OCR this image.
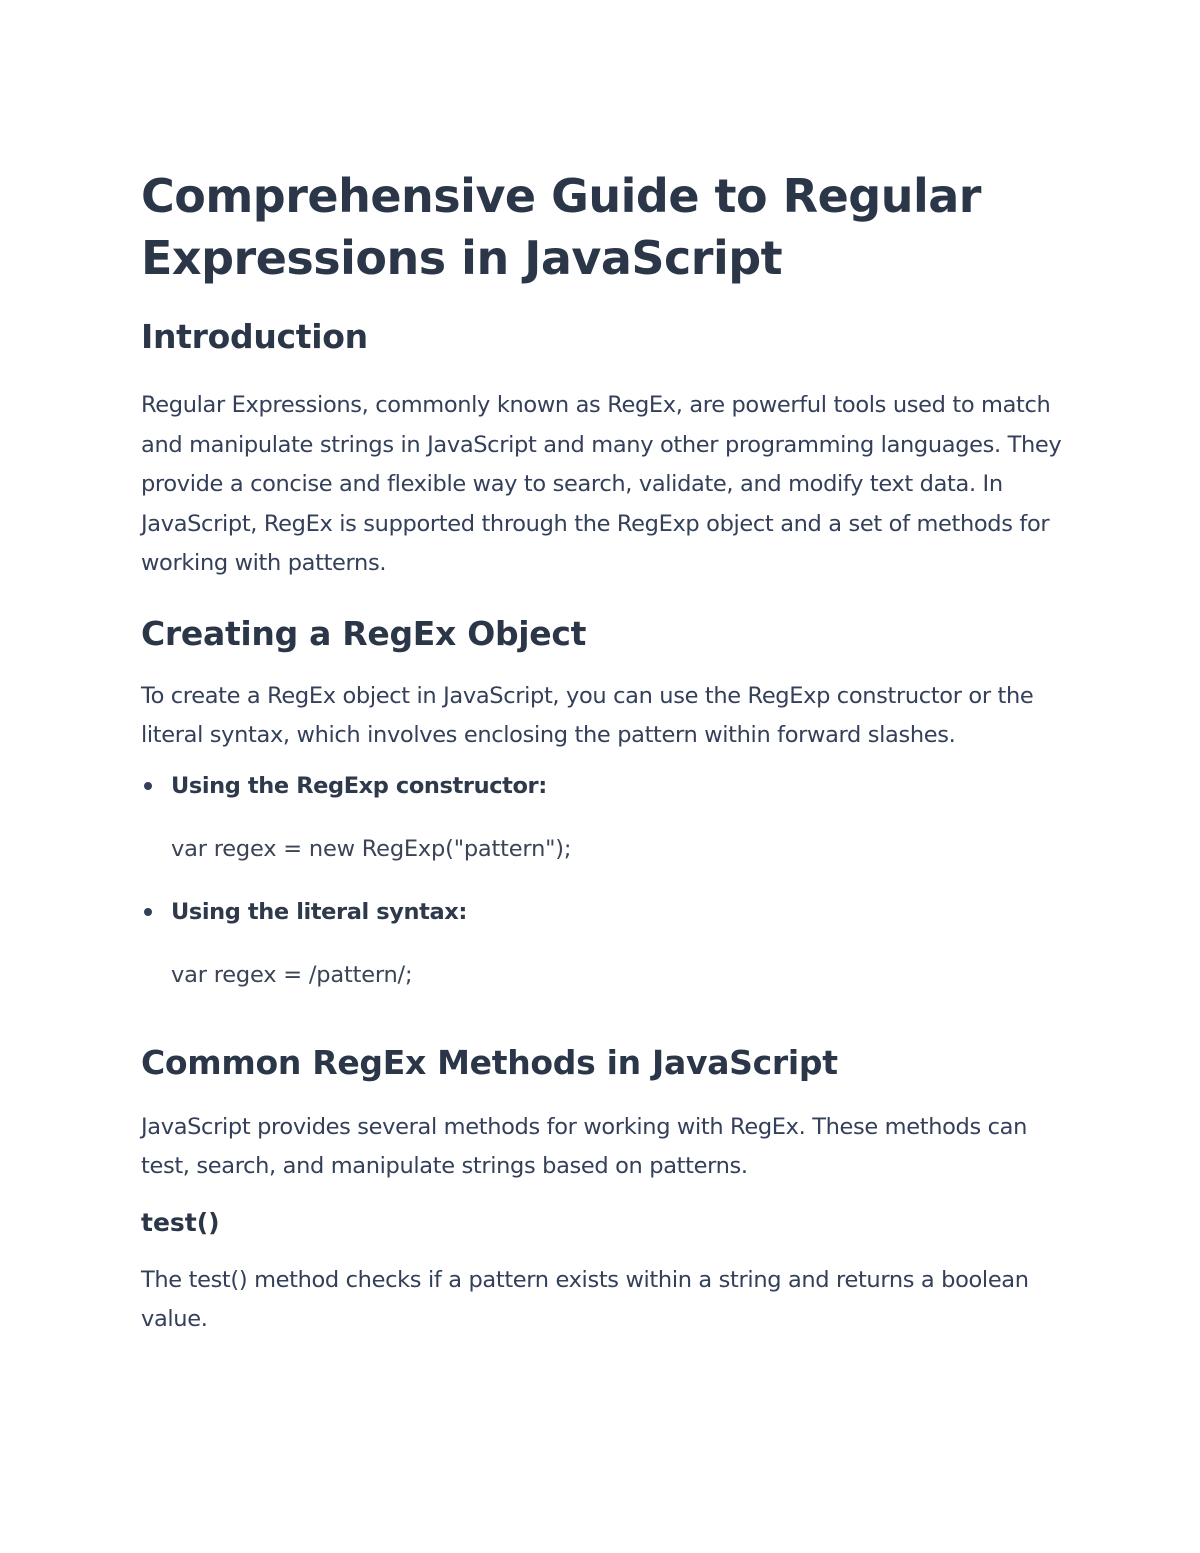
Comprehensive Guide to Regular Expressions in JavaScript
Introduction

Regular Expressions, commonly known as RegEx, are powerful tools used to match and manipulate strings in JavaScript and many other programming languages. They provide a concise and flexible way to search, validate, and modify text data. In JavaScript, RegEx is supported through the RegExp object and a set of methods for working with patterns.

Creating a RegEx Object

To create a RegEx object in JavaScript, you can use the RegExp constructor or the literal syntax, which involves enclosing the pattern within forward slashes.

Using the RegExp constructor:
var regex = new RegExp("pattern");
Using the literal syntax:
var regex = /pattern/;
Common RegEx Methods in JavaScript

JavaScript provides several methods for working with RegEx. These methods can test, search, and manipulate strings based on patterns.

test()

The test() method checks if a pattern exists within a string and returns a boolean value.
